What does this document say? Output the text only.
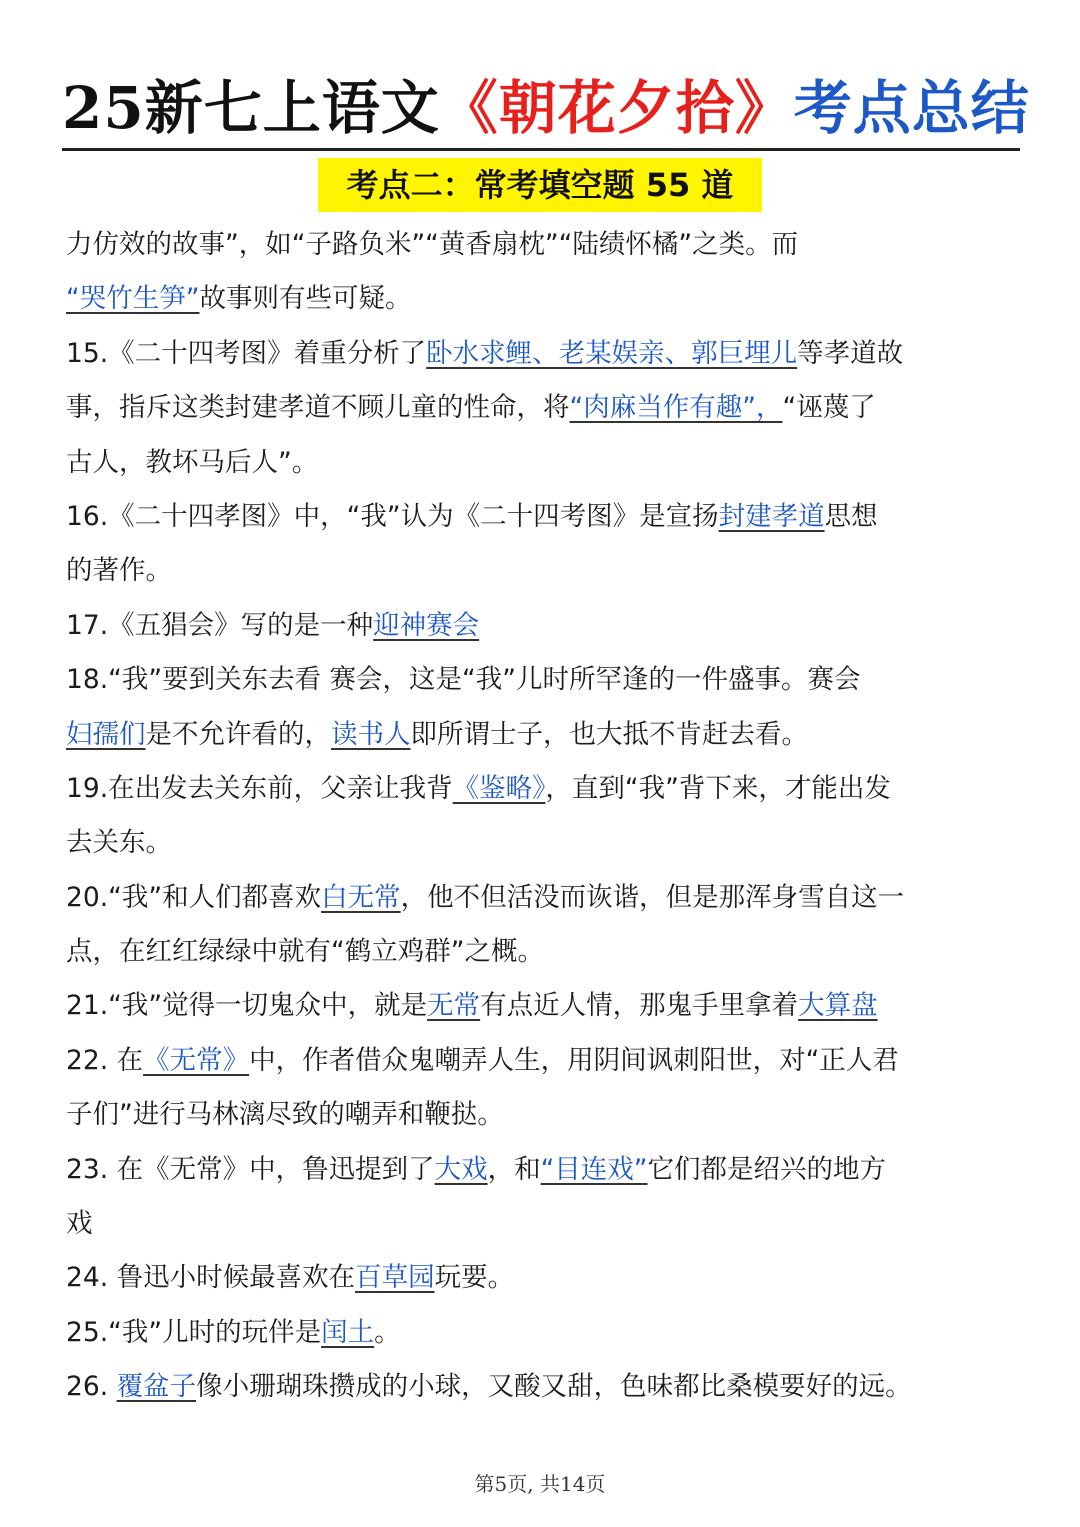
25新七上语文《朝花夕拾》考点总结
考点二：常考填空题 55 道
力仿效的故事”，如“子路负米”“黄香扇枕”“陆绩怀橘”之类。而
“哭竹生笋”故事则有些可疑。
15.《二十四考图》着重分析了卧水求鲤、老某娱亲、郭巨埋儿等孝道故
事，指斥这类封建孝道不顾儿童的性命，将“肉麻当作有趣”，“诬蔑了
古人，教坏马后人”。
16.《二十四孝图》中，“我”认为《二十四考图》是宣扬封建孝道思想
的著作。
17.《五猖会》写的是一种迎神赛会
18.“我”要到关东去看 赛会，这是“我”儿时所罕逢的一件盛事。赛会
妇孺们是不允许看的，读书人即所谓士子，也大抵不肯赶去看。
19.在出发去关东前，父亲让我背《鉴略》，直到“我”背下来，才能出发
去关东。
20.“我”和人们都喜欢白无常，他不但活没而诙谐，但是那浑身雪自这一
点，在红红绿绿中就有“鹤立鸡群”之概。
21.“我”觉得一切鬼众中，就是无常有点近人情，那鬼手里拿着大算盘
22. 在《无常》中，作者借众鬼嘲弄人生，用阴间讽刺阳世，对“正人君
子们”进行马林漓尽致的嘲弄和鞭挞。
23. 在《无常》中，鲁迅提到了大戏，和“目连戏”它们都是绍兴的地方
戏
24. 鲁迅小时候最喜欢在百草园玩要。
25.“我”儿时的玩伴是闰土。
26. 覆盆子像小珊瑚珠攒成的小球，又酸又甜，色味都比桑模要好的远。
第5页, 共14页
